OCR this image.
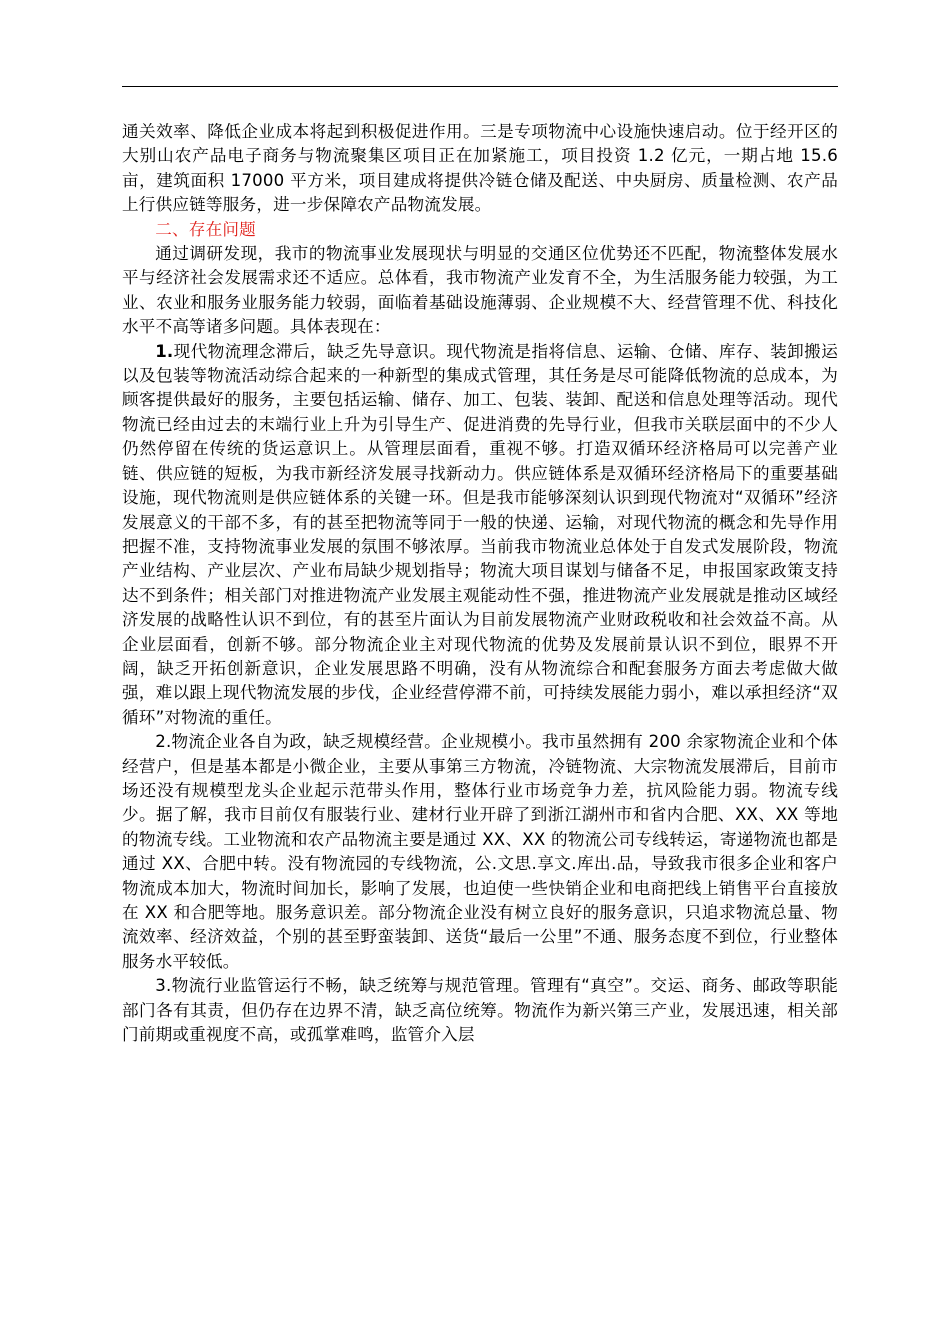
通关效率、降低企业成本将起到积极促进作用。三是专项物流中心设施快速启动。位于经开区的大别山农产品电子商务与物流聚集区项目正在加紧施工，项目投资 1.2 亿元，一期占地 15.6 亩，建筑面积 17000 平方米，项目建成将提供冷链仓储及配送、中央厨房、质量检测、农产品上行供应链等服务，进一步保障农产品物流发展。

二、存在问题

通过调研发现，我市的物流事业发展现状与明显的交通区位优势还不匹配，物流整体发展水平与经济社会发展需求还不适应。总体看，我市物流产业发育不全，为生活服务能力较强，为工业、农业和服务业服务能力较弱，面临着基础设施薄弱、企业规模不大、经营管理不优、科技化水平不高等诸多问题。具体表现在：

1.现代物流理念滞后，缺乏先导意识。现代物流是指将信息、运输、仓储、库存、装卸搬运以及包装等物流活动综合起来的一种新型的集成式管理，其任务是尽可能降低物流的总成本，为顾客提供最好的服务，主要包括运输、储存、加工、包装、装卸、配送和信息处理等活动。现代物流已经由过去的末端行业上升为引导生产、促进消费的先导行业，但我市关联层面中的不少人仍然停留在传统的货运意识上。从管理层面看，重视不够。打造双循环经济格局可以完善产业链、供应链的短板，为我市新经济发展寻找新动力。供应链体系是双循环经济格局下的重要基础设施，现代物流则是供应链体系的关键一环。但是我市能够深刻认识到现代物流对“双循环”经济发展意义的干部不多，有的甚至把物流等同于一般的快递、运输，对现代物流的概念和先导作用把握不准，支持物流事业发展的氛围不够浓厚。当前我市物流业总体处于自发式发展阶段，物流产业结构、产业层次、产业布局缺少规划指导；物流大项目谋划与储备不足，申报国家政策支持达不到条件；相关部门对推进物流产业发展主观能动性不强，推进物流产业发展就是推动区域经济发展的战略性认识不到位，有的甚至片面认为目前发展物流产业财政税收和社会效益不高。从企业层面看，创新不够。部分物流企业主对现代物流的优势及发展前景认识不到位，眼界不开阔，缺乏开拓创新意识，企业发展思路不明确，没有从物流综合和配套服务方面去考虑做大做强，难以跟上现代物流发展的步伐，企业经营停滞不前，可持续发展能力弱小，难以承担经济“双循环”对物流的重任。

2.物流企业各自为政，缺乏规模经营。企业规模小。我市虽然拥有 200 余家物流企业和个体经营户，但是基本都是小微企业，主要从事第三方物流，冷链物流、大宗物流发展滞后，目前市场还没有规模型龙头企业起示范带头作用，整体行业市场竞争力差，抗风险能力弱。物流专线少。据了解，我市目前仅有服装行业、建材行业开辟了到浙江湖州市和省内合肥、XX、XX 等地的物流专线。工业物流和农产品物流主要是通过 XX、XX 的物流公司专线转运，寄递物流也都是通过 XX、合肥中转。没有物流园的专线物流，公.文思.享文.库出.品，导致我市很多企业和客户物流成本加大，物流时间加长，影响了发展，也迫使一些快销企业和电商把线上销售平台直接放在 XX 和合肥等地。服务意识差。部分物流企业没有树立良好的服务意识，只追求物流总量、物流效率、经济效益，个别的甚至野蛮装卸、送货“最后一公里”不通、服务态度不到位，行业整体服务水平较低。

3.物流行业监管运行不畅，缺乏统筹与规范管理。管理有“真空”。交运、商务、邮政等职能部门各有其责，但仍存在边界不清，缺乏高位统筹。物流作为新兴第三产业，发展迅速，相关部门前期或重视度不高，或孤掌难鸣，监管介入层
